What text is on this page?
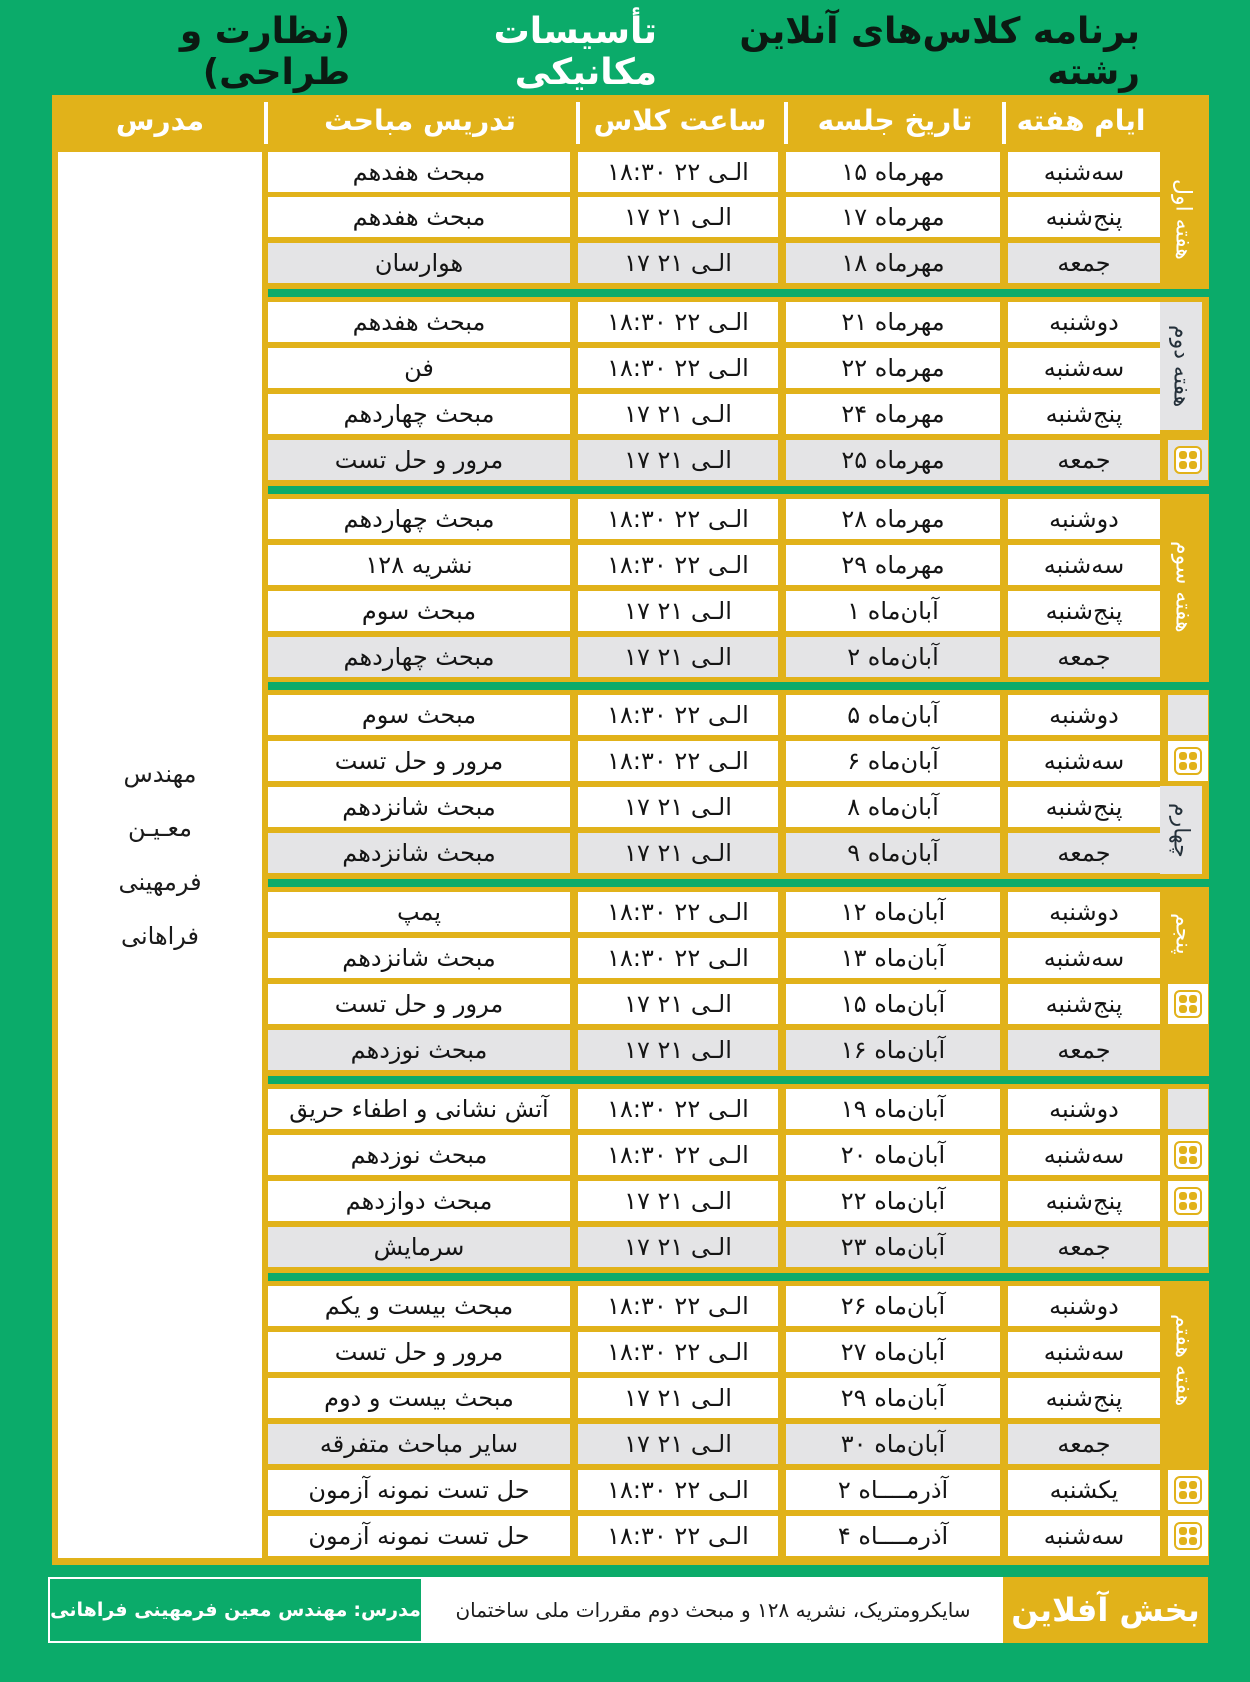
برنامه کلاس‌های آنلاین رشته
تأسیسات مکانیکی
(نظارت و طراحی)
ایام هفته
تاریخ جلسه
ساعت کلاس
تدریس مباحث
مدرس
مهندس
معـیـن
فرمهینی
فراهانی
هفته اول
هفته دوم
هفته سوم
چهارم
پنجم
هفته هفتم
مبحث هفدهم	۱۸:۳۰ الـی ۲۲	۱۵ مهرماه	سه‌شنبه
مبحث هفدهم	۱۷ الـی ۲۱	۱۷ مهرماه	پنج‌شنبه
هوارسان	۱۷ الـی ۲۱	۱۸ مهرماه	جمعه
مبحث هفدهم	۱۸:۳۰ الـی ۲۲	۲۱ مهرماه	دوشنبه
فن	۱۸:۳۰ الـی ۲۲	۲۲ مهرماه	سه‌شنبه
مبحث چهاردهم	۱۷ الـی ۲۱	۲۴ مهرماه	پنج‌شنبه
مرور و حل تست	۱۷ الـی ۲۱	۲۵ مهرماه	جمعه
مبحث چهاردهم	۱۸:۳۰ الـی ۲۲	۲۸ مهرماه	دوشنبه
نشریه ۱۲۸	۱۸:۳۰ الـی ۲۲	۲۹ مهرماه	سه‌شنبه
مبحث سوم	۱۷ الـی ۲۱	۱ آبان‌ماه	پنج‌شنبه
مبحث چهاردهم	۱۷ الـی ۲۱	۲ آبان‌ماه	جمعه
مبحث سوم	۱۸:۳۰ الـی ۲۲	۵ آبان‌ماه	دوشنبه
مرور و حل تست	۱۸:۳۰ الـی ۲۲	۶ آبان‌ماه	سه‌شنبه
مبحث شانزدهم	۱۷ الـی ۲۱	۸ آبان‌ماه	پنج‌شنبه
مبحث شانزدهم	۱۷ الـی ۲۱	۹ آبان‌ماه	جمعه
پمپ	۱۸:۳۰ الـی ۲۲	۱۲ آبان‌ماه	دوشنبه
مبحث شانزدهم	۱۸:۳۰ الـی ۲۲	۱۳ آبان‌ماه	سه‌شنبه
مرور و حل تست	۱۷ الـی ۲۱	۱۵ آبان‌ماه	پنج‌شنبه
مبحث نوزدهم	۱۷ الـی ۲۱	۱۶ آبان‌ماه	جمعه
آتش نشانی و اطفاء حریق	۱۸:۳۰ الـی ۲۲	۱۹ آبان‌ماه	دوشنبه
مبحث نوزدهم	۱۸:۳۰ الـی ۲۲	۲۰ آبان‌ماه	سه‌شنبه
مبحث دوازدهم	۱۷ الـی ۲۱	۲۲ آبان‌ماه	پنج‌شنبه
سرمایش	۱۷ الـی ۲۱	۲۳ آبان‌ماه	جمعه
مبحث بیست و یکم	۱۸:۳۰ الـی ۲۲	۲۶ آبان‌ماه	دوشنبه
مرور و حل تست	۱۸:۳۰ الـی ۲۲	۲۷ آبان‌ماه	سه‌شنبه
مبحث بیست و دوم	۱۷ الـی ۲۱	۲۹ آبان‌ماه	پنج‌شنبه
سایر مباحث متفرقه	۱۷ الـی ۲۱	۳۰ آبان‌ماه	جمعه
حل تست نمونه آزمون	۱۸:۳۰ الـی ۲۲	۲ آذرمــــاه	یکشنبه
حل تست نمونه آزمون	۱۸:۳۰ الـی ۲۲	۴ آذرمــــاه	سه‌شنبه
مدرس:
مهندس معین فرمهینی فراهانی	سایکرومتریک، نشریه ۱۲۸ و مبحث دوم مقررات ملی ساختمان	بخش آفلاین
